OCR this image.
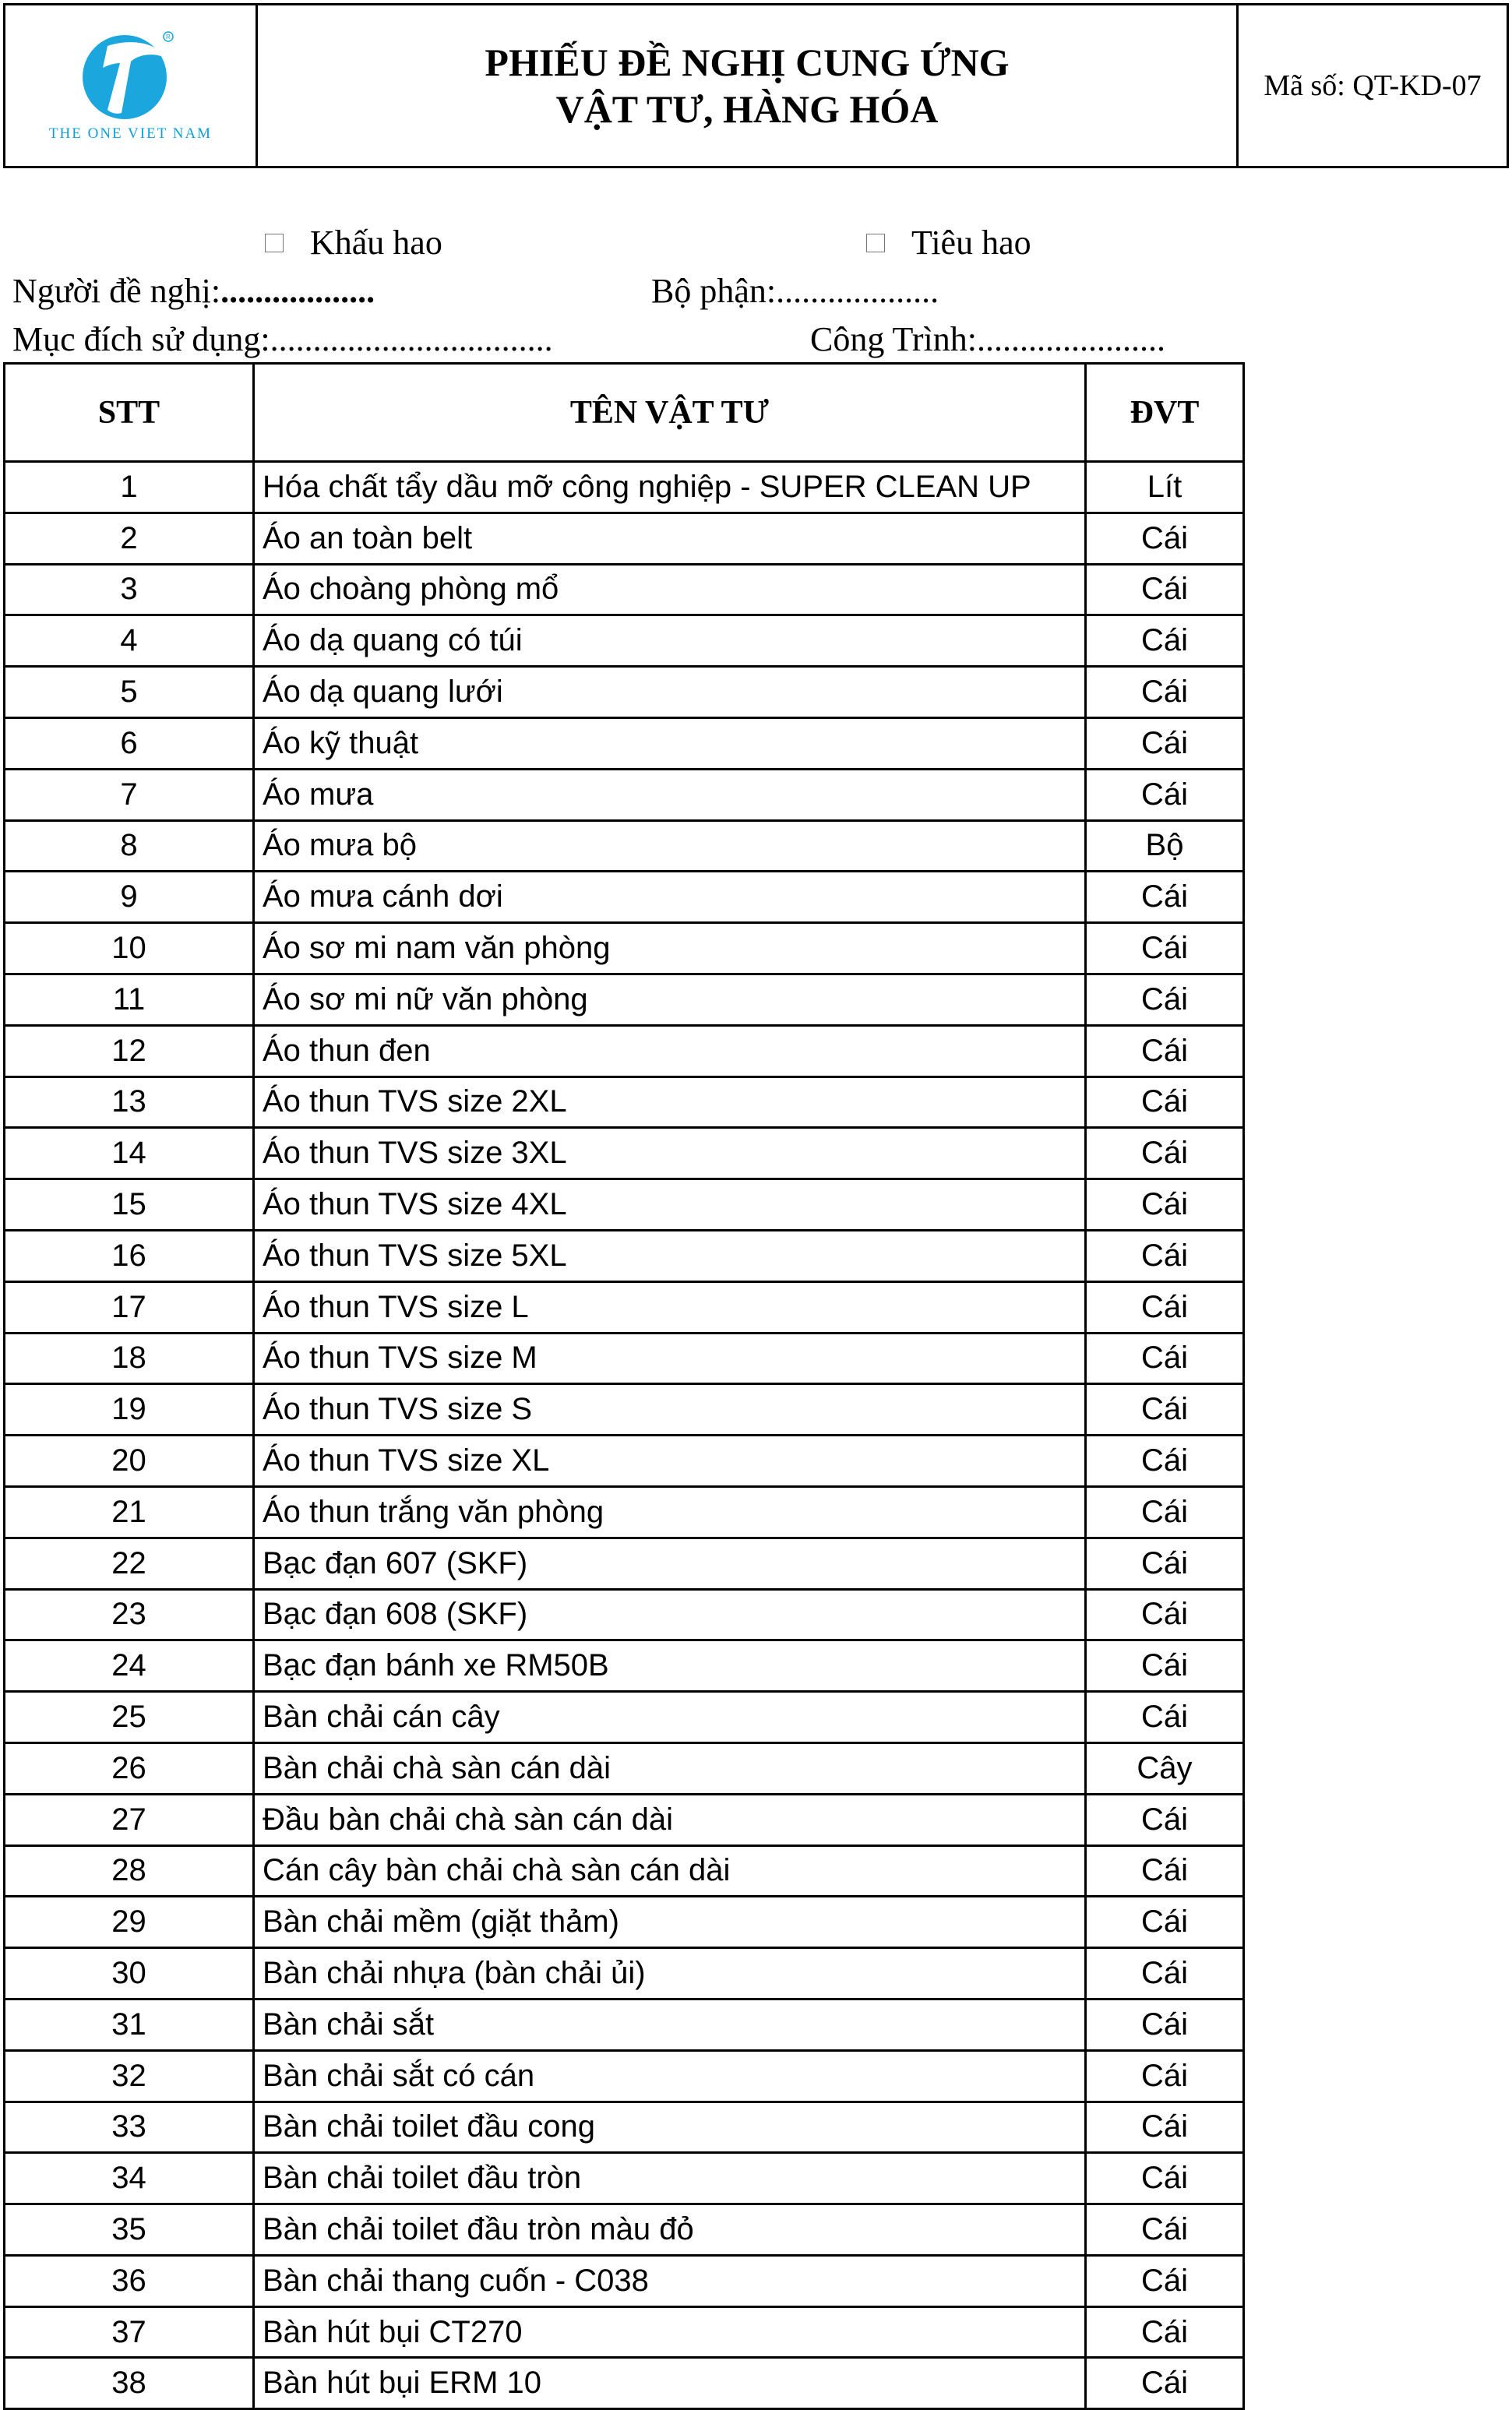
R
THE ONE VIET NAM
PHIẾU ĐỀ NGHỊ CUNG ỨNG
VẬT TƯ, HÀNG HÓA
Mã số: QT-KD-07
Khấu hao	Tiêu hao
Người đề nghị:..................	Bộ phận:...................
Mục đích sử dụng:.................................	Công Trình:......................
STT	TÊN VẬT TƯ	ĐVT
1	Hóa chất tẩy dầu mỡ công nghiệp - SUPER CLEAN UP	Lít
2	Áo an toàn belt	Cái
3	Áo choàng phòng mổ	Cái
4	Áo dạ quang có túi	Cái
5	Áo dạ quang lưới	Cái
6	Áo kỹ thuật	Cái
7	Áo mưa	Cái
8	Áo mưa bộ	Bộ
9	Áo mưa cánh dơi	Cái
10	Áo sơ mi nam văn phòng	Cái
11	Áo sơ mi nữ văn phòng	Cái
12	Áo thun đen	Cái
13	Áo thun TVS size 2XL	Cái
14	Áo thun TVS size 3XL	Cái
15	Áo thun TVS size 4XL	Cái
16	Áo thun TVS size 5XL	Cái
17	Áo thun TVS size L	Cái
18	Áo thun TVS size M	Cái
19	Áo thun TVS size S	Cái
20	Áo thun TVS size XL	Cái
21	Áo thun trắng văn phòng	Cái
22	Bạc đạn 607 (SKF)	Cái
23	Bạc đạn 608 (SKF)	Cái
24	Bạc đạn bánh xe RM50B	Cái
25	Bàn chải cán cây	Cái
26	Bàn chải chà sàn cán dài	Cây
27	Đầu bàn chải chà sàn cán dài	Cái
28	Cán cây bàn chải chà sàn cán dài	Cái
29	Bàn chải mềm (giặt thảm)	Cái
30	Bàn chải nhựa (bàn chải ủi)	Cái
31	Bàn chải sắt	Cái
32	Bàn chải sắt có cán	Cái
33	Bàn chải toilet đầu cong	Cái
34	Bàn chải toilet đầu tròn	Cái
35	Bàn chải toilet đầu tròn màu đỏ	Cái
36	Bàn chải thang cuốn - C038	Cái
37	Bàn hút bụi CT270	Cái
38	Bàn hút bụi ERM 10	Cái
